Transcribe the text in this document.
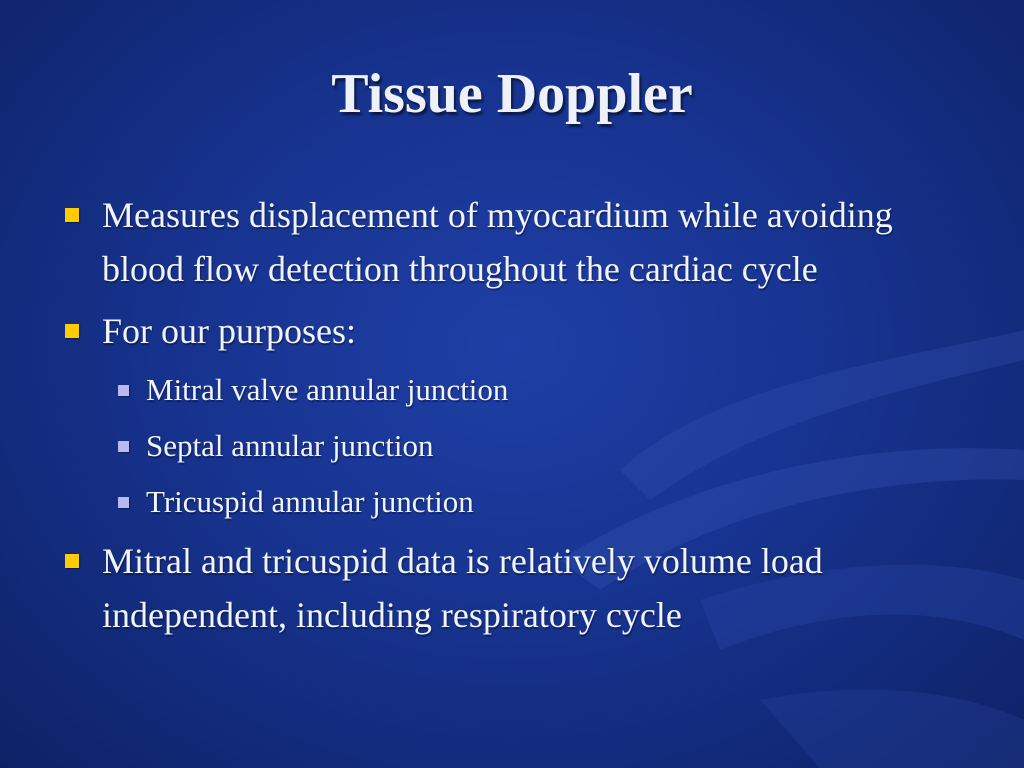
Tissue Doppler
Measures displacement of myocardium while avoiding blood flow detection throughout the cardiac cycle
For our purposes:
Mitral valve annular junction
Septal annular junction
Tricuspid annular junction
Mitral and tricuspid data is relatively volume load independent, including respiratory cycle
